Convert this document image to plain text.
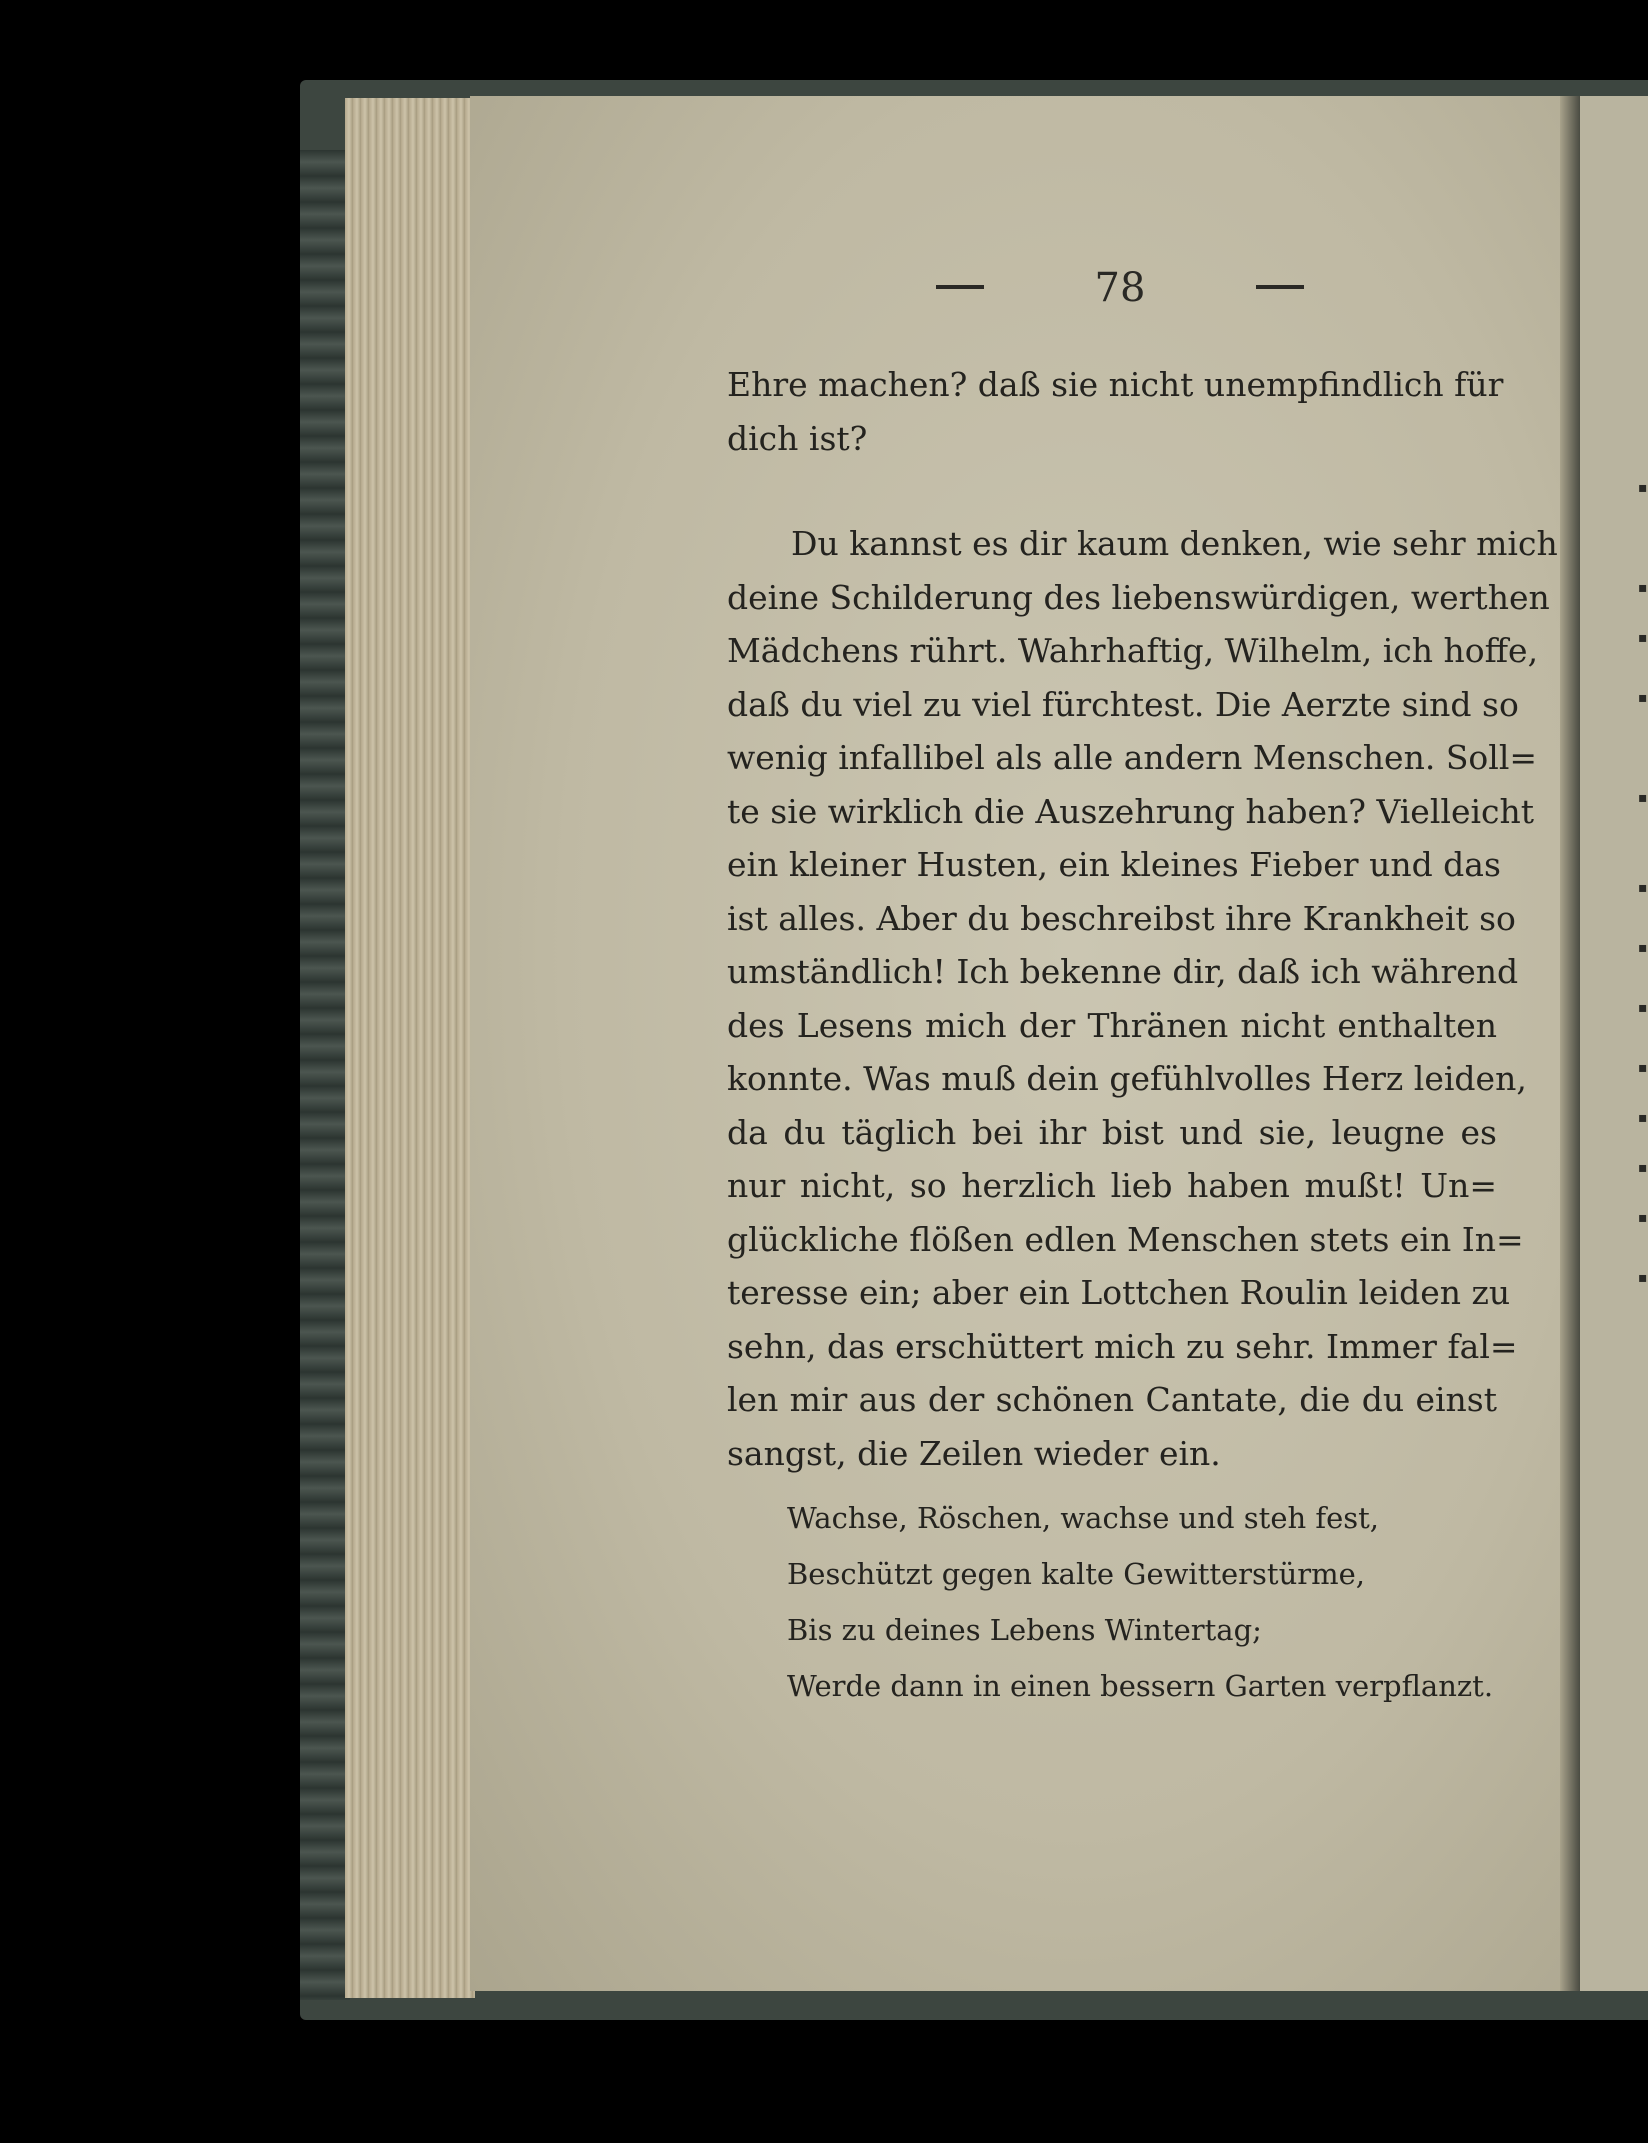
78
Ehre machen? daß sie nicht unempfindlich für
dich ist?
Du kannst es dir kaum denken, wie sehr mich
deine Schilderung des liebenswürdigen, werthen
Mädchens rührt. Wahrhaftig, Wilhelm, ich hoffe,
daß du viel zu viel fürchtest. Die Aerzte sind so
wenig infallibel als alle andern Menschen. Soll=
te sie wirklich die Auszehrung haben? Vielleicht
ein kleiner Husten, ein kleines Fieber und das
ist alles. Aber du beschreibst ihre Krankheit so
umständlich! Ich bekenne dir, daß ich während
des Lesens mich der Thränen nicht enthalten
konnte. Was muß dein gefühlvolles Herz leiden,
da du täglich bei ihr bist und sie, leugne es
nur nicht, so herzlich lieb haben mußt! Un=
glückliche flößen edlen Menschen stets ein In=
teresse ein; aber ein Lottchen Roulin leiden zu
sehn, das erschüttert mich zu sehr. Immer fal=
len mir aus der schönen Cantate, die du einst
sangst, die Zeilen wieder ein.
Wachse, Röschen, wachse und steh fest,
Beschützt gegen kalte Gewitterstürme,
Bis zu deines Lebens Wintertag;
Werde dann in einen bessern Garten verpflanzt.
▪
▪
▪
▪
▪
▪
▪
▪
▪
▪
▪
▪
▪
